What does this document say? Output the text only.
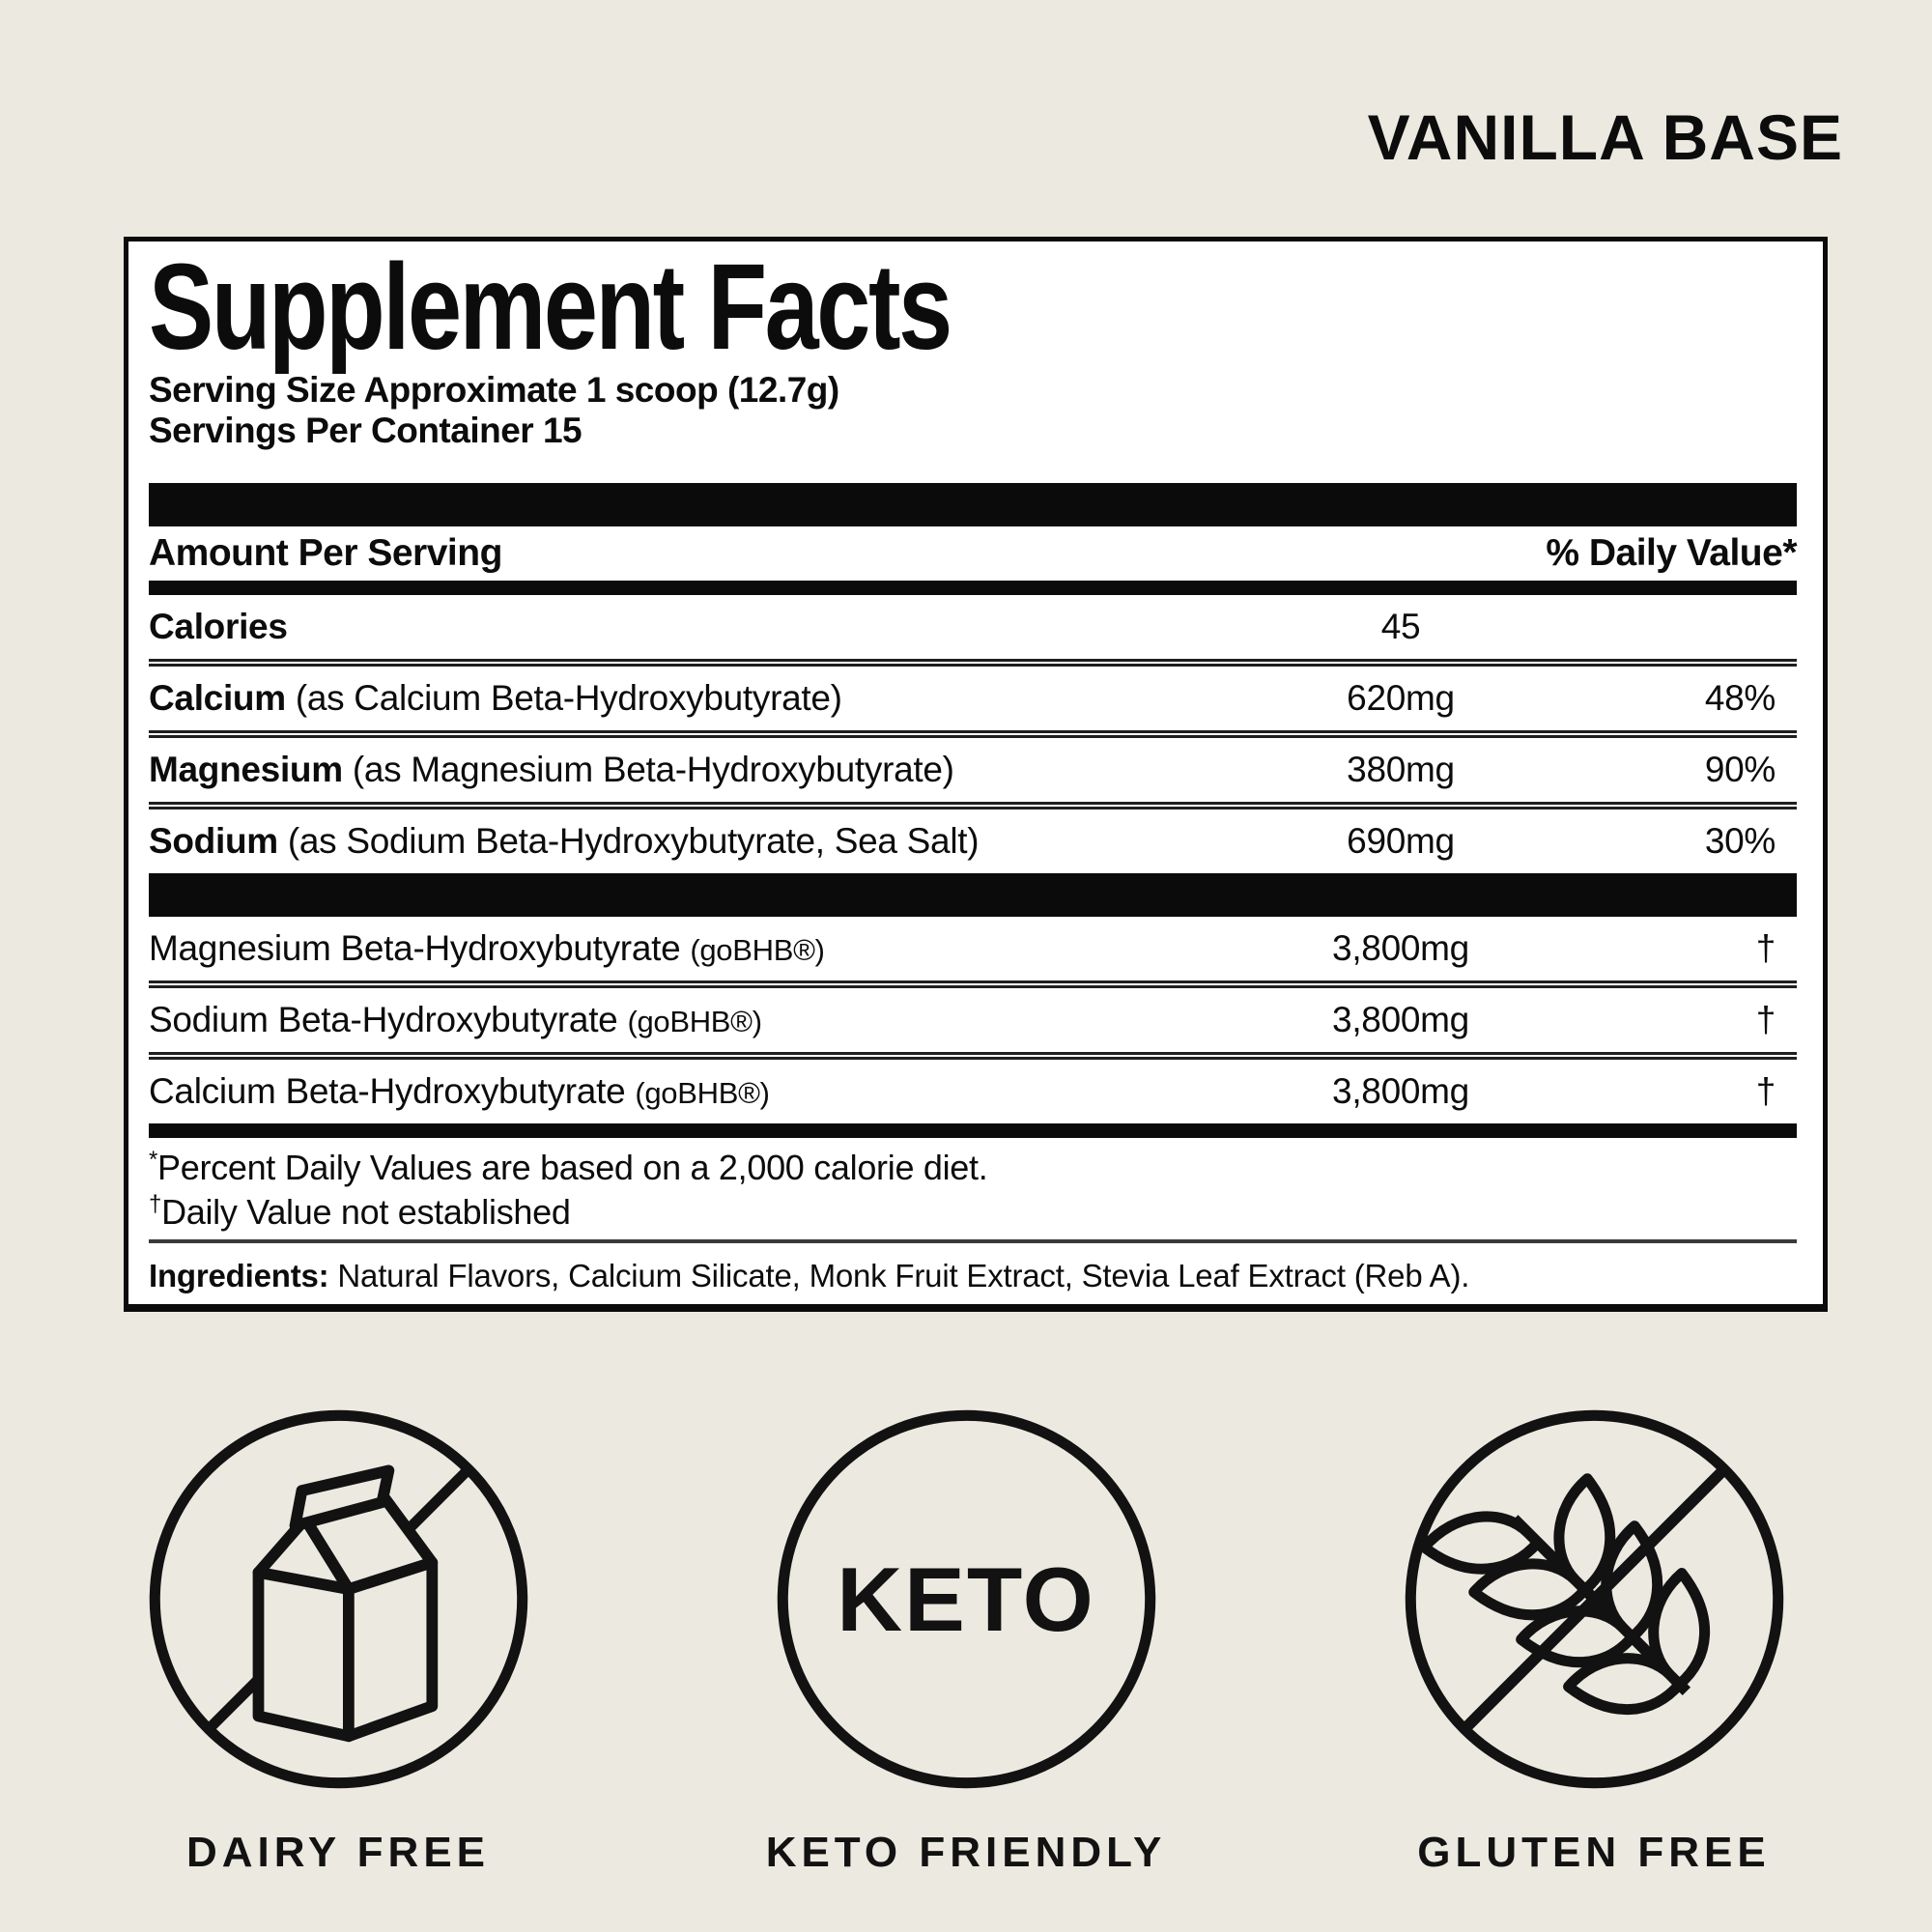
VANILLA BASE
Supplement Facts
Serving Size Approximate 1 scoop (12.7g)
Servings Per Container 15
Amount Per Serving	% Daily Value*
Calories	45
Calcium (as Calcium Beta-Hydroxybutyrate)	620mg	48%
Magnesium (as Magnesium Beta-Hydroxybutyrate)	380mg	90%
Sodium (as Sodium Beta-Hydroxybutyrate, Sea Salt)	690mg	30%
Magnesium Beta-Hydroxybutyrate (goBHB®)	3,800mg	†
Sodium Beta-Hydroxybutyrate (goBHB®)	3,800mg	†
Calcium Beta-Hydroxybutyrate (goBHB®)	3,800mg	†
*Percent Daily Values are based on a 2,000 calorie diet.
†Daily Value not established
Ingredients: Natural Flavors, Calcium Silicate, Monk Fruit Extract, Stevia Leaf Extract (Reb A).
DAIRY FREE
KETO
KETO FRIENDLY	GLUTEN FREE
